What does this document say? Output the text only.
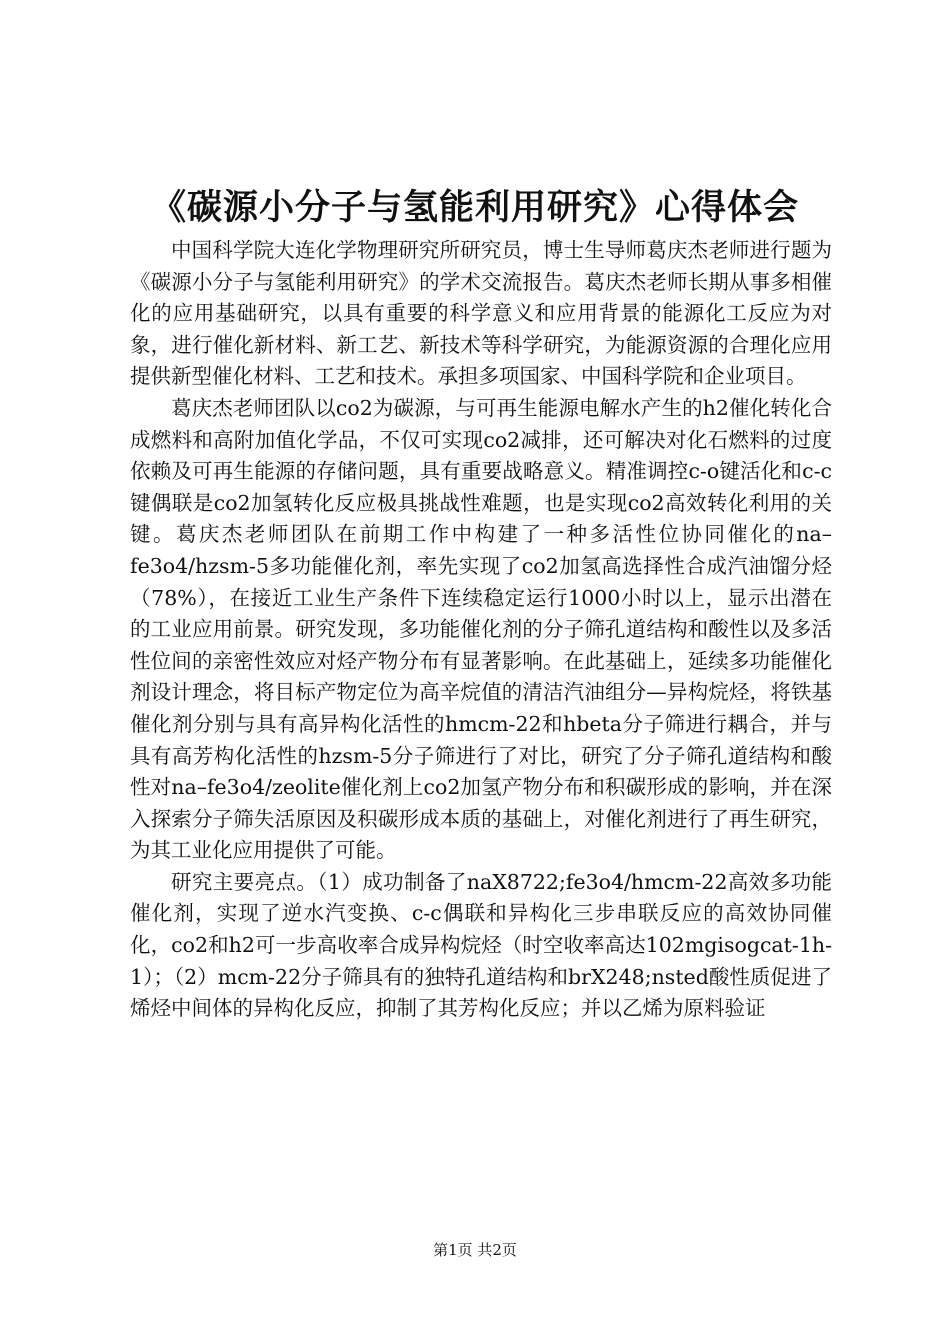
《碳源小分子与氢能利用研究》心得体会

中国科学院大连化学物理研究所研究员，博士生导师葛庆杰老师进行题为《碳源小分子与氢能利用研究》的学术交流报告。葛庆杰老师长期从事多相催化的应用基础研究，以具有重要的科学意义和应用背景的能源化工反应为对象，进行催化新材料、新工艺、新技术等科学研究，为能源资源的合理化应用提供新型催化材料、工艺和技术。承担多项国家、中国科学院和企业项目。

葛庆杰老师团队以co2为碳源，与可再生能源电解水产生的h2催化转化合成燃料和高附加值化学品，不仅可实现co2减排，还可解决对化石燃料的过度依赖及可再生能源的存储问题，具有重要战略意义。精准调控c-o键活化和c-c键偶联是co2加氢转化反应极具挑战性难题，也是实现co2高效转化利用的关键。葛庆杰老师团队在前期工作中构建了一种多活性位协同催化的na–fe3o4/hzsm-5多功能催化剂，率先实现了co2加氢高选择性合成汽油馏分烃（78%），在接近工业生产条件下连续稳定运行1000小时以上，显示出潜在的工业应用前景。研究发现，多功能催化剂的分子筛孔道结构和酸性以及多活性位间的亲密性效应对烃产物分布有显著影响。在此基础上，延续多功能催化剂设计理念，将目标产物定位为高辛烷值的清洁汽油组分—异构烷烃，将铁基催化剂分别与具有高异构化活性的hmcm-22和hbeta分子筛进行耦合，并与具有高芳构化活性的hzsm-5分子筛进行了对比，研究了分子筛孔道结构和酸性对na–fe3o4/zeolite催化剂上co2加氢产物分布和积碳形成的影响，并在深入探索分子筛失活原因及积碳形成本质的基础上，对催化剂进行了再生研究，为其工业化应用提供了可能。

研究主要亮点。（1）成功制备了naX8722;fe3o4/hmcm-22高效多功能催化剂，实现了逆水汽变换、c-c偶联和异构化三步串联反应的高效协同催化，co2和h2可一步高收率合成异构烷烃（时空收率高达102mgisogcat-1h-1）；（2）mcm-22分子筛具有的独特孔道结构和brX248;nsted酸性质促进了烯烃中间体的异构化反应，抑制了其芳构化反应；并以乙烯为原料验证

第1页 共2页
